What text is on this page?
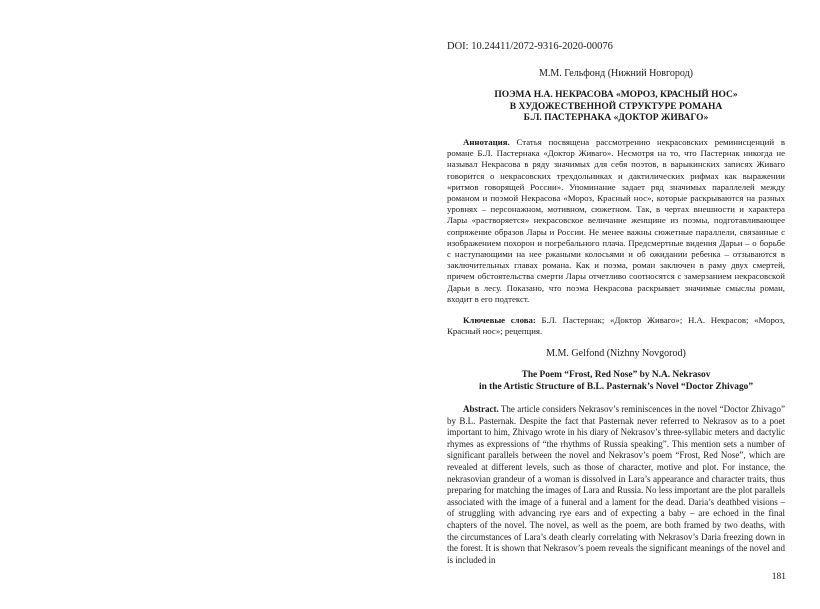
DOI: 10.24411/2072-9316-2020-00076
М.М. Гельфонд (Нижний Новгород)
ПОЭМА Н.А. НЕКРАСОВА «МОРОЗ, КРАСНЫЙ НОС»
В ХУДОЖЕСТВЕННОЙ СТРУКТУРЕ РОМАНА
Б.Л. ПАСТЕРНАКА «ДОКТОР ЖИВАГО»
Аннотация. Статья посвящена рассмотрению некрасовских реминисценций в романе Б.Л. Пастернака «Доктор Живаго». Несмотря на то, что Пастернак никогда не называл Некрасова в ряду значимых для себя поэтов, в варыкинских записях Живаго говорится о некрасовских трехдольниках и дактилических рифмах как выражении «ритмов говорящей России». Упоминание задает ряд значимых параллелей между романом и поэмой Некрасова «Мороз, Красный нос», которые раскрываются на разных уровнях – персонажном, мотивном, сюжетном. Так, в чертах внешности и характера Лары «растворяется» некрасовское величание женщине из поэмы, подготавливающее сопряжение образов Лары и России. Не менее важны сюжетные параллели, связанные с изображением похорон и погребального плача. Предсмертные видения Дарьи – о борьбе с наступающими на нее ржаными колосьями и об ожидании ребенка – отзываются в заключительных главах романа. Как и поэма, роман заключен в раму двух смертей, причем обстоятельства смерти Лары отчетливо соотносятся с замерзанием некрасовской Дарьи в лесу. Показано, что поэма Некрасова раскрывает значимые смыслы роман, входит в его подтекст.
Ключевые слова: Б.Л. Пастернак; «Доктор Живаго»; Н.А. Некрасов; «Мороз, Красный нос»; рецепция.
M.M. Gelfond (Nizhny Novgorod)
The Poem “Frost, Red Nose” by N.A. Nekrasov
in the Artistic Structure of B.L. Pasternak’s Novel “Doctor Zhivago”
Abstract. The article considers Nekrasov’s reminiscences in the novel “Doctor Zhivago” by B.L. Pasternak. Despite the fact that Pasternak never referred to Nekrasov as to a poet important to him, Zhivago wrote in his diary of Nekrasov’s three-syllabic meters and dactylic rhymes as expressions of “the rhythms of Russia speaking”. This mention sets a number of significant parallels between the novel and Nekrasov’s poem “Frost, Red Nose”, which are revealed at different levels, such as those of character, motive and plot. For instance, the nekrasovian grandeur of a woman is dissolved in Lara’s appearance and character traits, thus preparing for matching the images of Lara and Russia. No less important are the plot parallels associated with the image of a funeral and a lament for the dead. Daria’s deathbed visions – of struggling with advancing rye ears and of expecting a baby – are echoed in the final chapters of the novel. The novel, as well as the poem, are both framed by two deaths, with the circumstances of Lara’s death clearly correlating with Nekrasov’s Daria freezing down in the forest. It is shown that Nekrasov’s poem reveals the significant meanings of the novel and is included in
181
